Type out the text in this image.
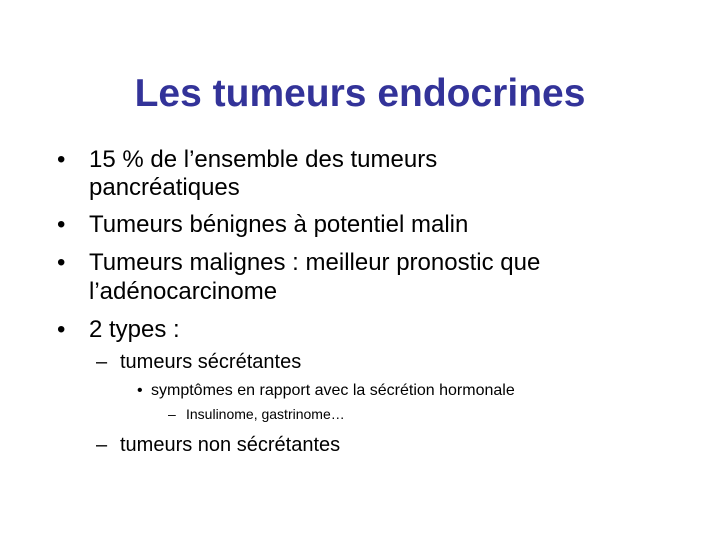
Les tumeurs endocrines
• 15 % de l’ensemble des tumeurs
pancréatiques
• Tumeurs bénignes à potentiel malin
• Tumeurs malignes : meilleur pronostic que
l’adénocarcinome
• 2 types :
– tumeurs sécrétantes
• symptômes en rapport avec la sécrétion hormonale
– Insulinome, gastrinome…
– tumeurs non sécrétantes
